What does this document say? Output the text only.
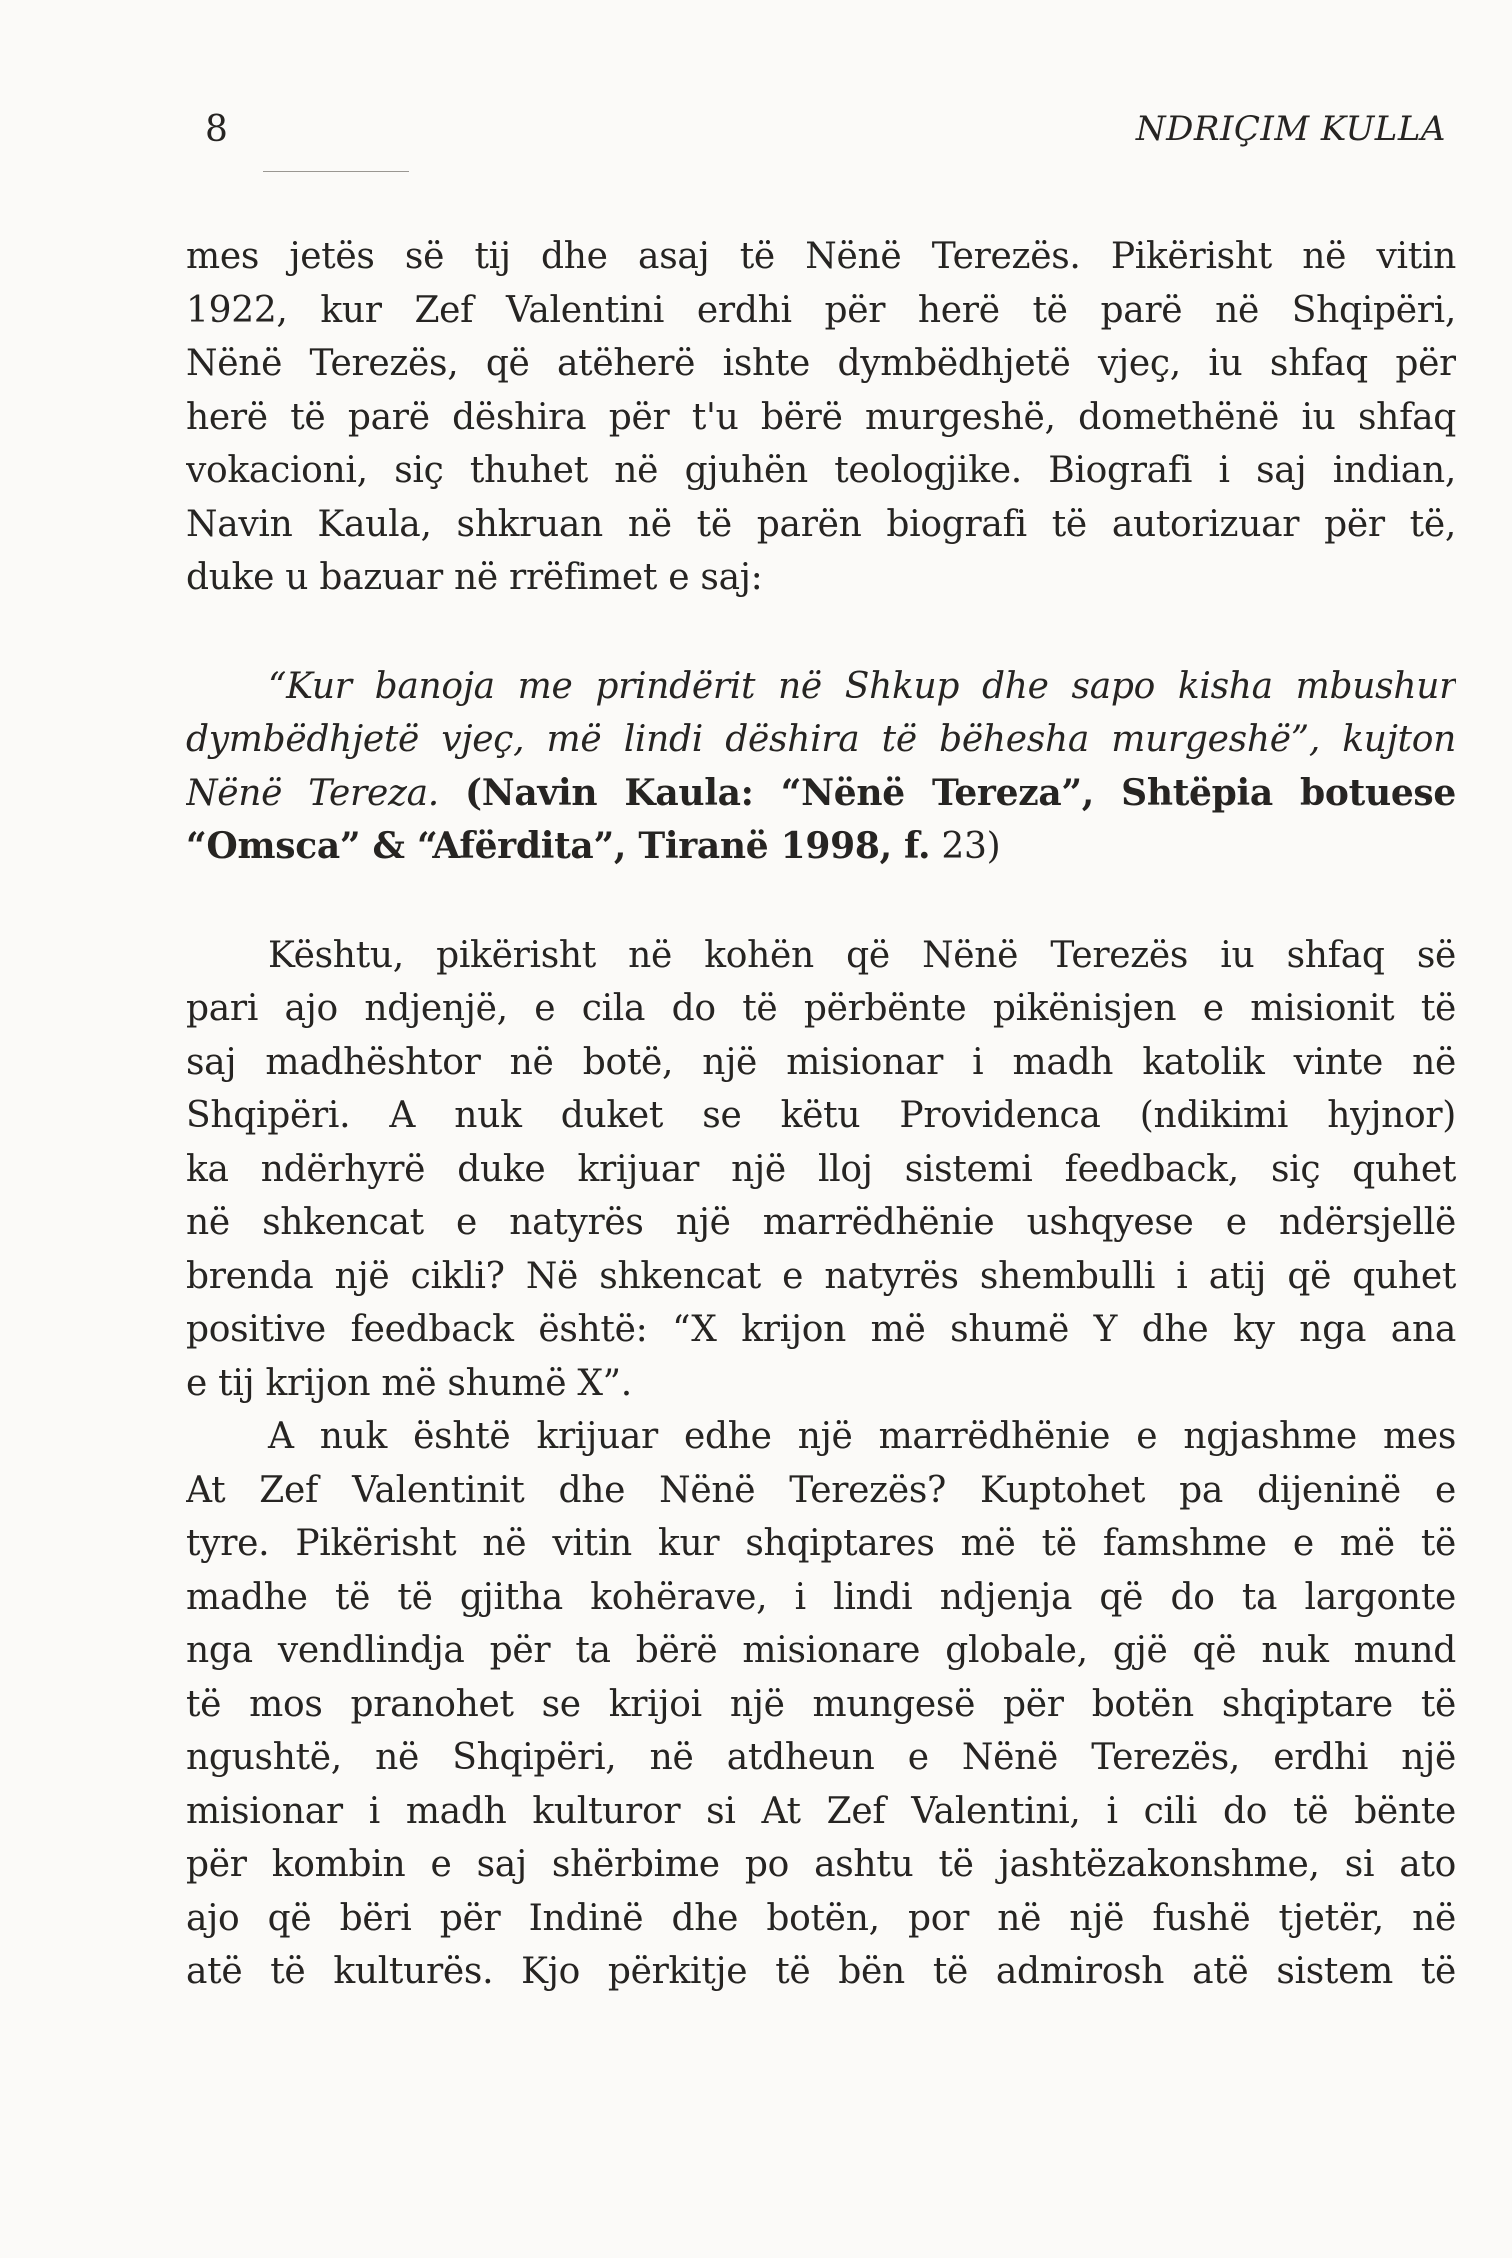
8	NDRIÇIM KULLA
mes jetës së tij dhe asaj të Nënë Terezës. Pikërisht në vitin
1922, kur Zef Valentini erdhi për herë të parë në Shqipëri,
Nënë Terezës, që atëherë ishte dymbëdhjetë vjeç, iu shfaq për
herë të parë dëshira për t'u bërë murgeshë, domethënë iu shfaq
vokacioni, siç thuhet në gjuhën teologjike. Biografi i saj indian,
Navin Kaula, shkruan në të parën biografi të autorizuar për të,
duke u bazuar në rrëfimet e saj:
“Kur banoja me prindërit në Shkup dhe sapo kisha mbushur
dymbëdhjetë vjeç, më lindi dëshira të bëhesha murgeshë”, kujton
Nënë Tereza. (Navin Kaula: “Nënë Tereza”, Shtëpia botuese
“Omsca” & “Afërdita”, Tiranë 1998, f. 23)
Kështu, pikërisht në kohën që Nënë Terezës iu shfaq së
pari ajo ndjenjë, e cila do të përbënte pikënisjen e misionit të
saj madhështor në botë, një misionar i madh katolik vinte në
Shqipëri. A nuk duket se këtu Providenca (ndikimi hyjnor)
ka ndërhyrë duke krijuar një lloj sistemi feedback, siç quhet
në shkencat e natyrës një marrëdhënie ushqyese e ndërsjellë
brenda një cikli? Në shkencat e natyrës shembulli i atij që quhet
positive feedback është: “X krijon më shumë Y dhe ky nga ana
e tij krijon më shumë X”.
A nuk është krijuar edhe një marrëdhënie e ngjashme mes
At Zef Valentinit dhe Nënë Terezës? Kuptohet pa dijeninë e
tyre. Pikërisht në vitin kur shqiptares më të famshme e më të
madhe të të gjitha kohërave, i lindi ndjenja që do ta largonte
nga vendlindja për ta bërë misionare globale, gjë që nuk mund
të mos pranohet se krijoi një mungesë për botën shqiptare të
ngushtë, në Shqipëri, në atdheun e Nënë Terezës, erdhi një
misionar i madh kulturor si At Zef Valentini, i cili do të bënte
për kombin e saj shërbime po ashtu të jashtëzakonshme, si ato
ajo që bëri për Indinë dhe botën, por në një fushë tjetër, në
atë të kulturës. Kjo përkitje të bën të admirosh atë sistem të
